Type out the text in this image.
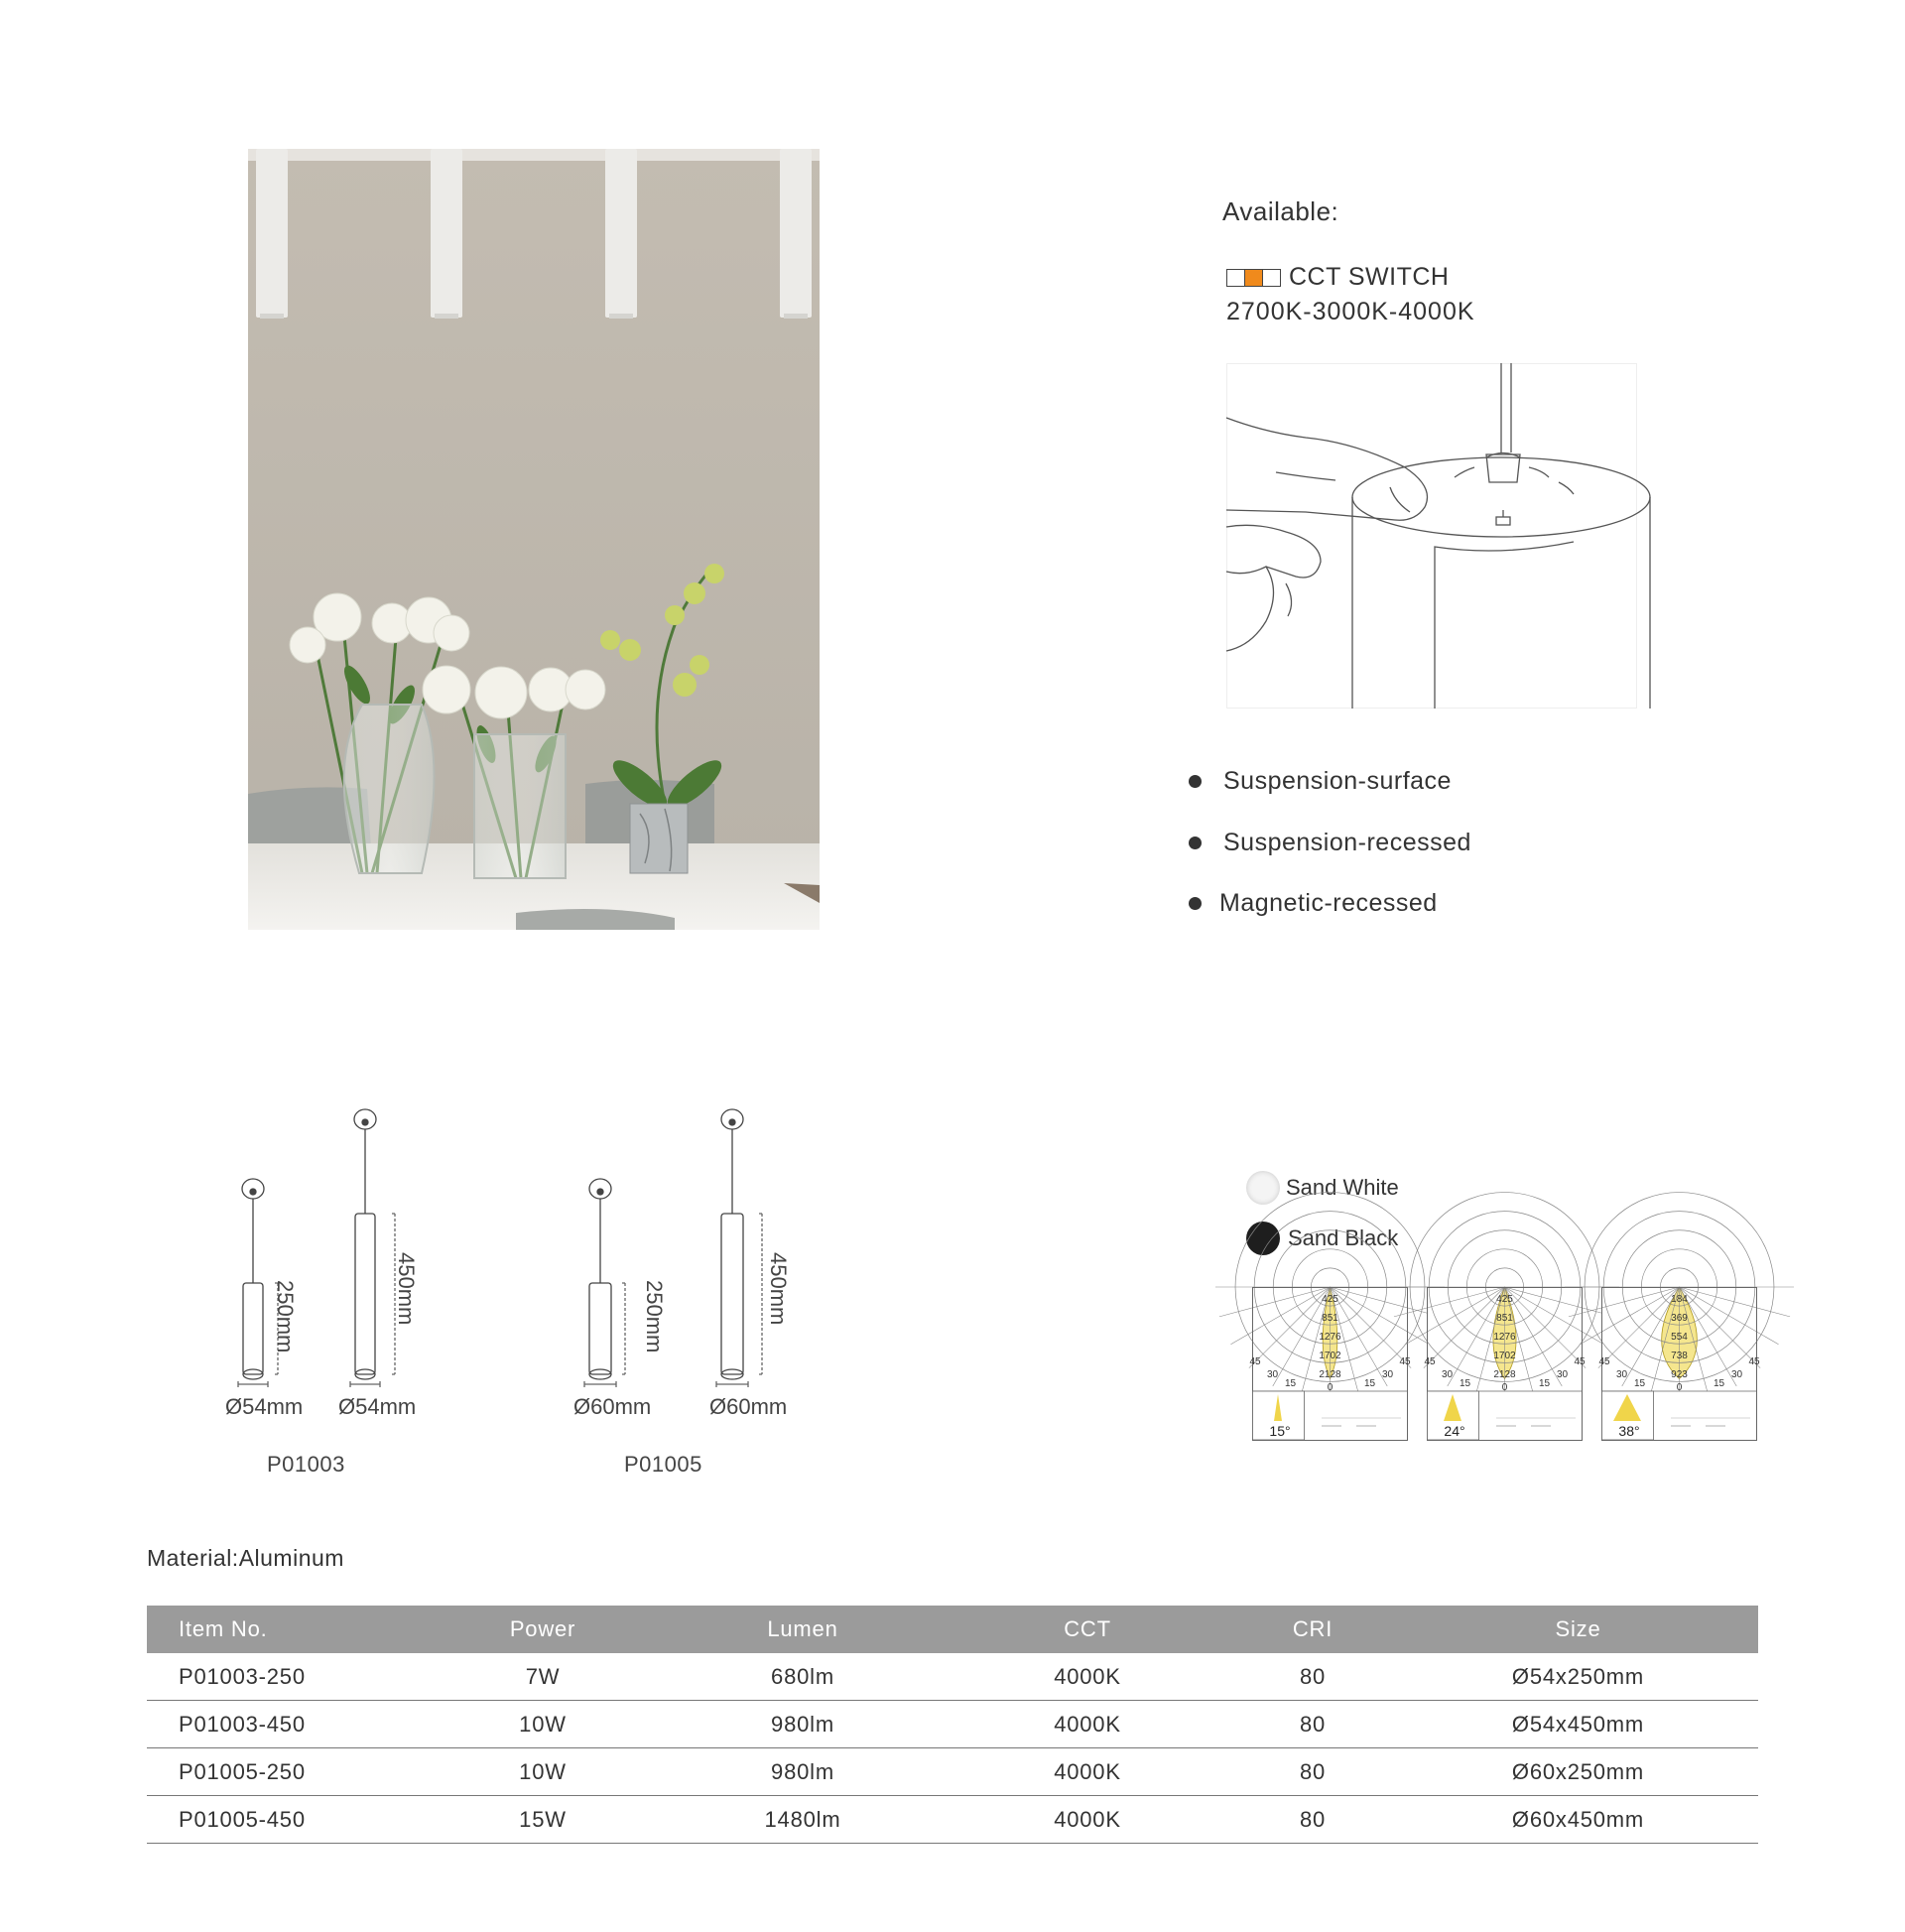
Available:
CCT SWITCH
2700K-3000K-4000K
Suspension-surface
Suspension-recessed
Magnetic-recessed
250mm	450mm
Ø54mm Ø54mm
P01003
250mm	450mm
Ø60mm	Ø60mm
P01005
Sand White
Sand Black
425
851
1276
1702
2128
0
15	15
30	30
45	45
15°
425
851
1276
1702
2128
0
15	15
30	30
45	45
24°
184
369
554
738
923
0
15	15
30	30
45	45
38°
Material:Aluminum
Item No.	Power	Lumen	CCT	CRI	Size
P01003-250	7W	680lm	4000K	80	Ø54x250mm
P01003-450	10W	980lm	4000K	80	Ø54x450mm
P01005-250	10W	980lm	4000K	80	Ø60x250mm
P01005-450	15W	1480lm	4000K	80	Ø60x450mm
